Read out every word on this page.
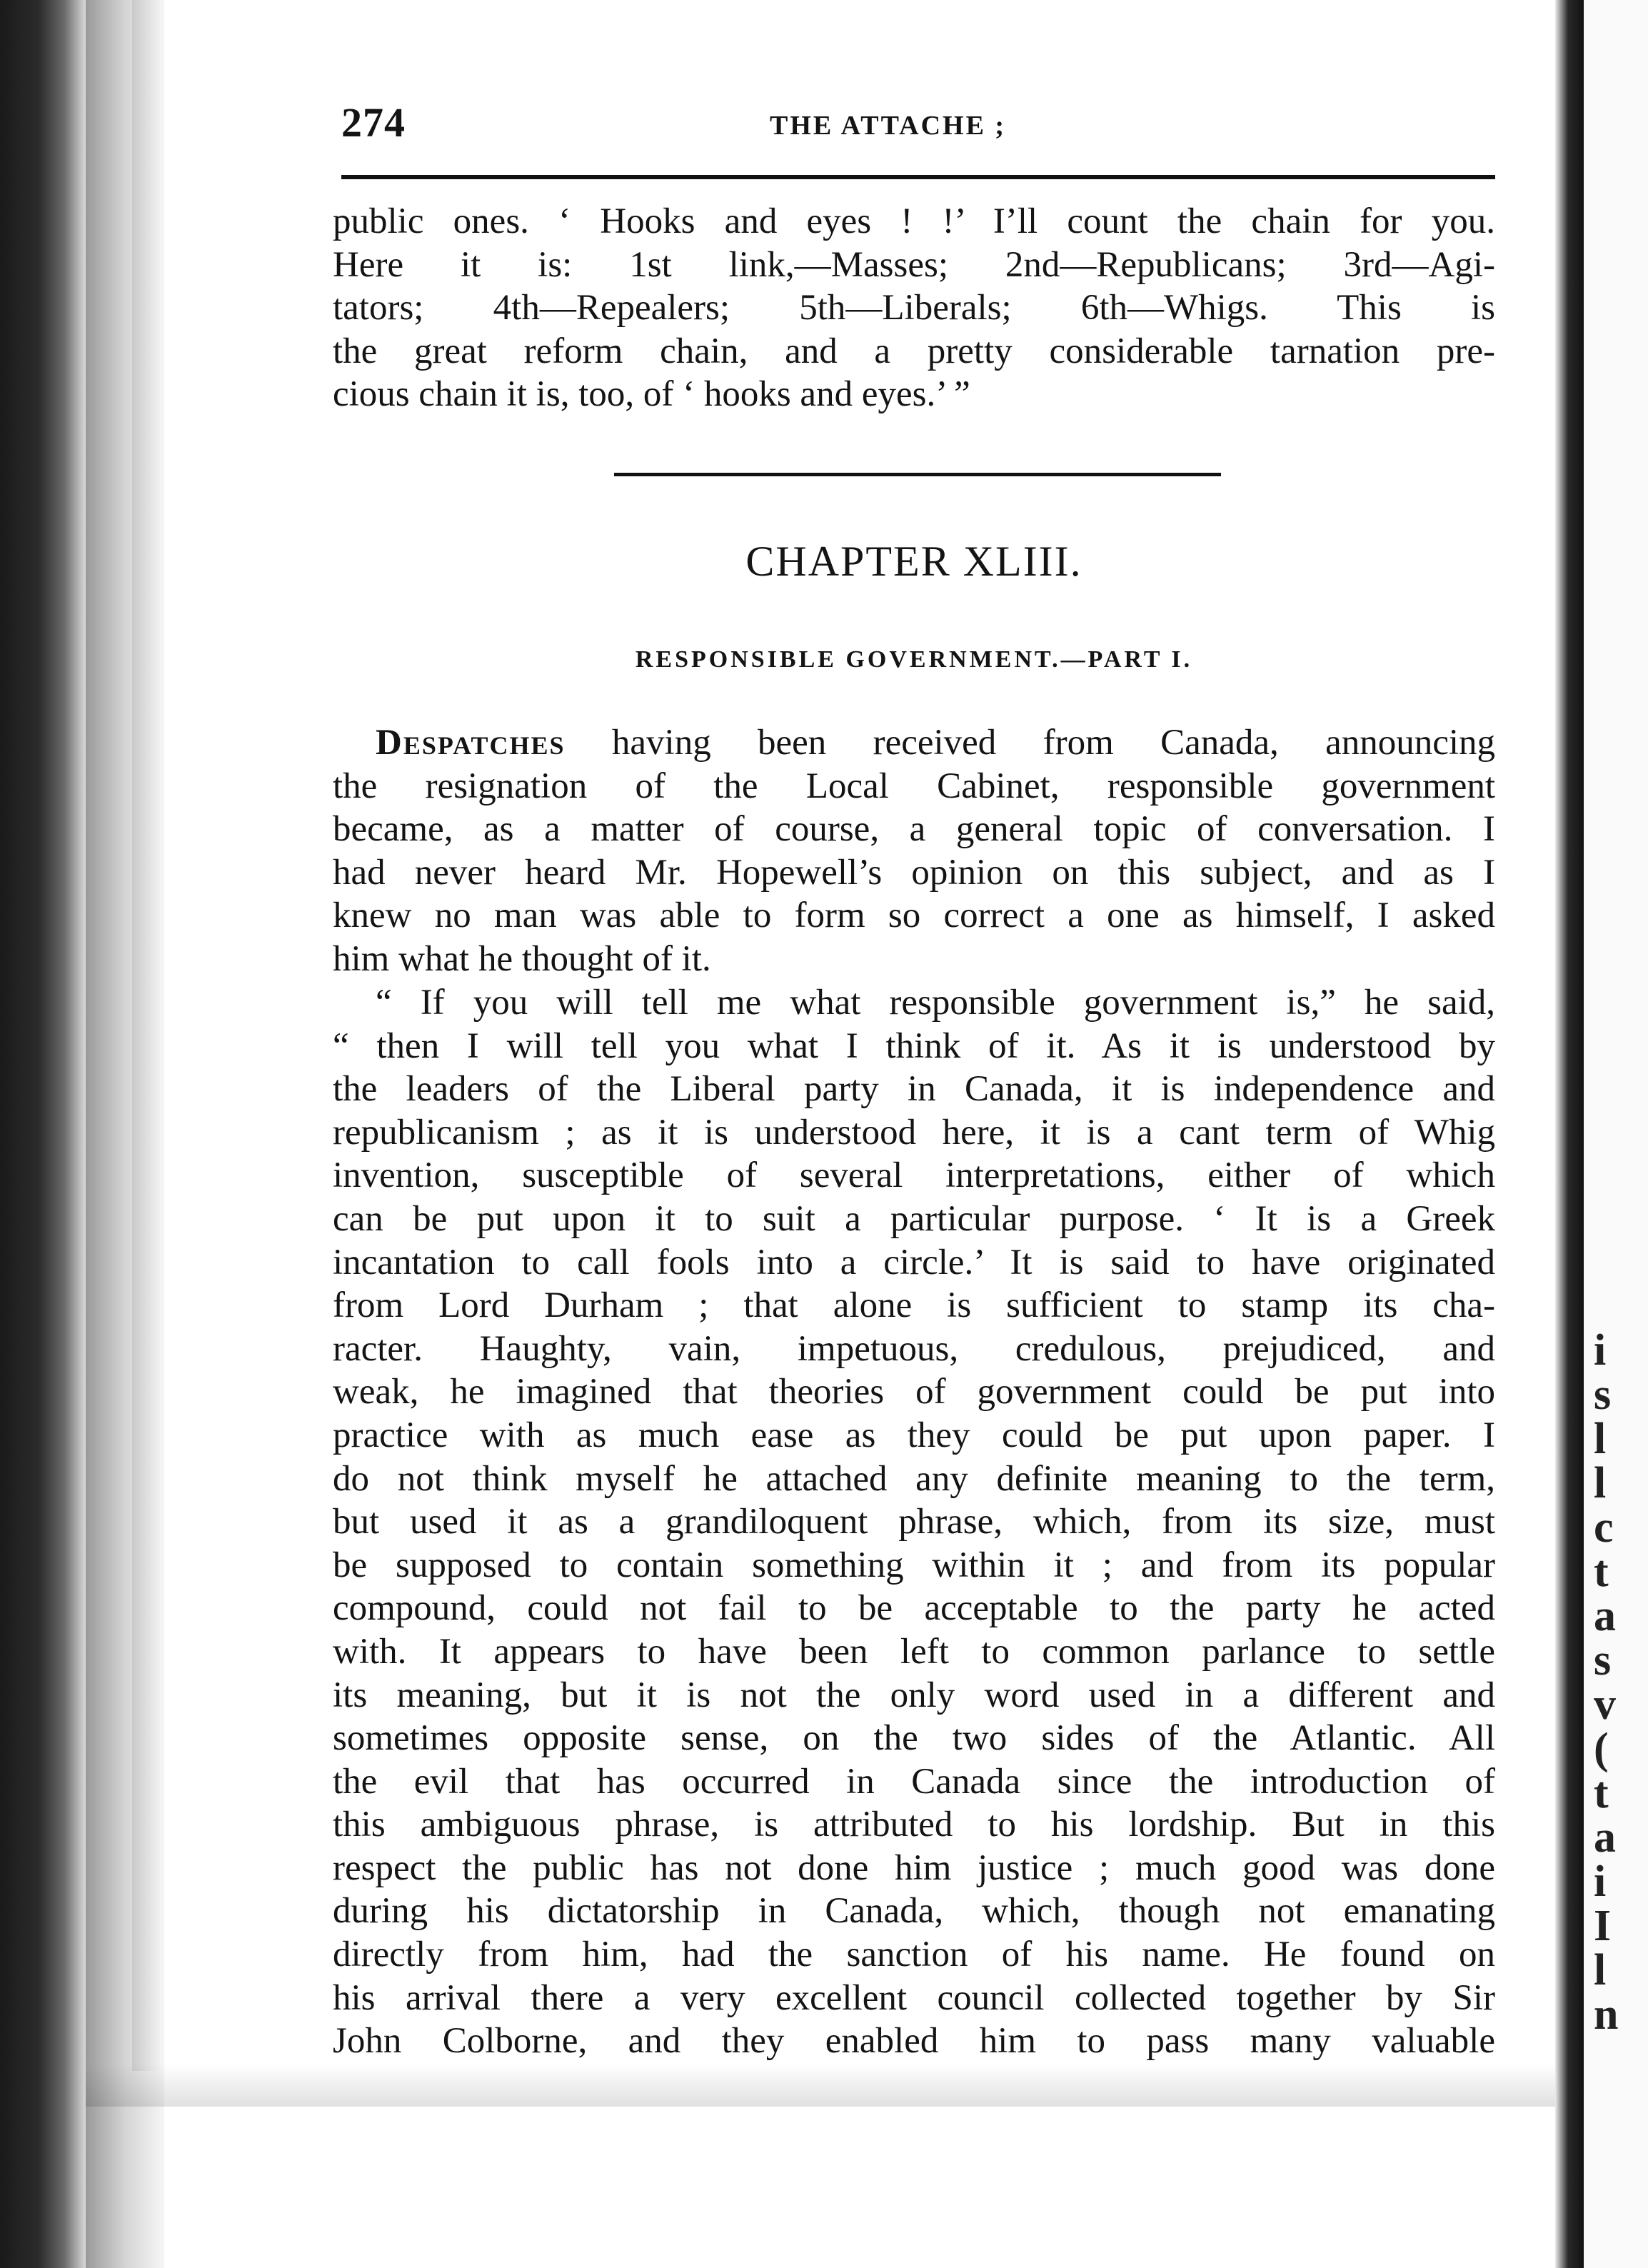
i
s
l
l
c
t
a
s
v
(
t
a
i
I
l
n
274	THE ATTACHE ;
public ones. ‘ Hooks and eyes ! !’ I’ll count the chain for you.
Here it is: 1st link,—Masses; 2nd—Republicans; 3rd—Agi-
tators; 4th—Repealers; 5th—Liberals; 6th—Whigs. This is
the great reform chain, and a pretty considerable tarnation pre-
cious chain it is, too, of ‘ hooks and eyes.’ ”
CHAPTER XLIII.
RESPONSIBLE GOVERNMENT.—PART I.
Despatches having been received from Canada, announcing
the resignation of the Local Cabinet, responsible government
became, as a matter of course, a general topic of conversation. I
had never heard Mr. Hopewell’s opinion on this subject, and as I
knew no man was able to form so correct a one as himself, I asked
him what he thought of it.
“ If you will tell me what responsible government is,” he said,
“ then I will tell you what I think of it. As it is understood by
the leaders of the Liberal party in Canada, it is independence and
republicanism ; as it is understood here, it is a cant term of Whig
invention, susceptible of several interpretations, either of which
can be put upon it to suit a particular purpose. ‘ It is a Greek
incantation to call fools into a circle.’ It is said to have originated
from Lord Durham ; that alone is sufficient to stamp its cha-
racter. Haughty, vain, impetuous, credulous, prejudiced, and
weak, he imagined that theories of government could be put into
practice with as much ease as they could be put upon paper. I
do not think myself he attached any definite meaning to the term,
but used it as a grandiloquent phrase, which, from its size, must
be supposed to contain something within it ; and from its popular
compound, could not fail to be acceptable to the party he acted
with. It appears to have been left to common parlance to settle
its meaning, but it is not the only word used in a different and
sometimes opposite sense, on the two sides of the Atlantic. All
the evil that has occurred in Canada since the introduction of
this ambiguous phrase, is attributed to his lordship. But in this
respect the public has not done him justice ; much good was done
during his dictatorship in Canada, which, though not emanating
directly from him, had the sanction of his name. He found on
his arrival there a very excellent council collected together by Sir
John Colborne, and they enabled him to pass many valuable
